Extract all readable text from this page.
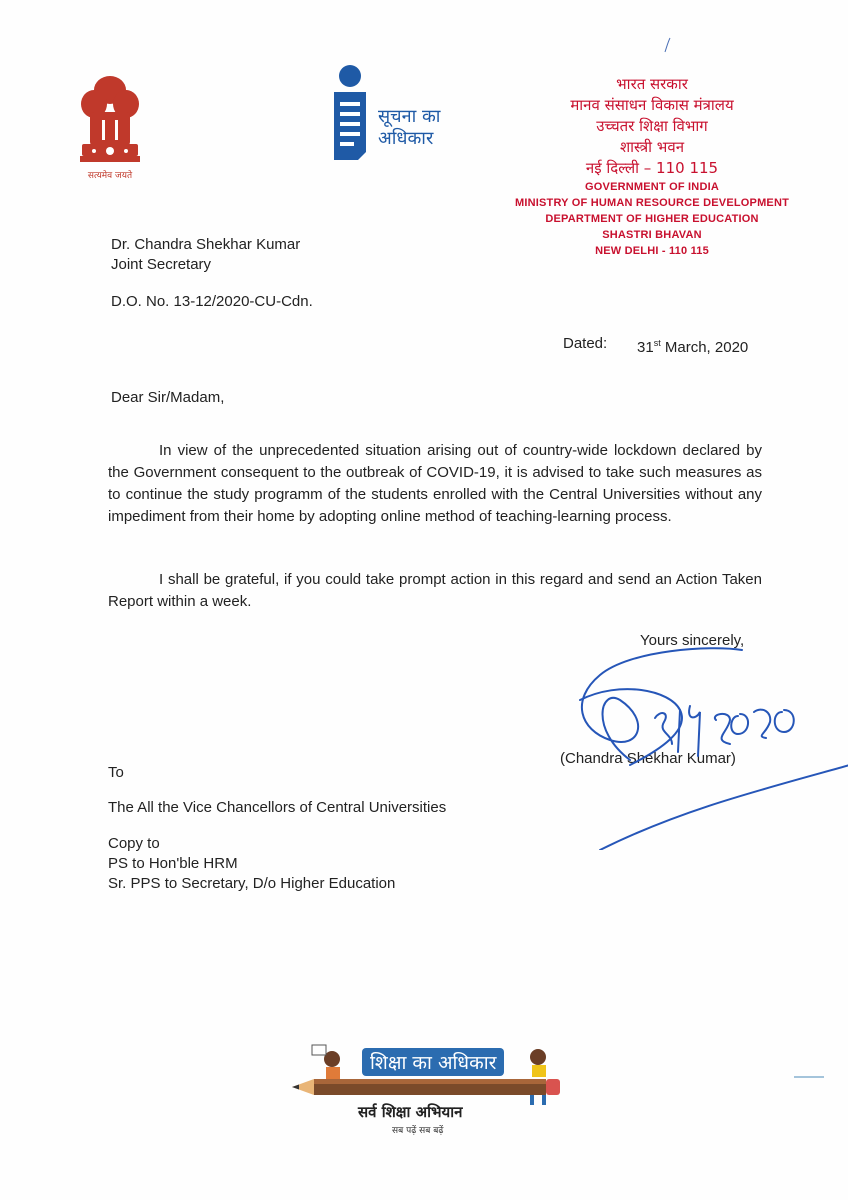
सत्यमेव जयते
सूचना का
अधिकार
भारत सरकार
मानव संसाधन विकास मंत्रालय
उच्चतर शिक्षा विभाग
शास्त्री भवन
नई दिल्ली – 110 115
GOVERNMENT OF INDIA
MINISTRY OF HUMAN RESOURCE DEVELOPMENT
DEPARTMENT OF HIGHER EDUCATION
SHASTRI BHAVAN
NEW DELHI - 110 115
Dr. Chandra Shekhar Kumar
Joint Secretary
D.O. No. 13-12/2020-CU-Cdn.
Dated: 31st March, 2020
Dear Sir/Madam,
In view of the unprecedented situation arising out of country-wide lockdown declared by the Government consequent to the outbreak of COVID-19, it is advised to take such measures as to continue the study programm of the students enrolled with the Central Universities without any impediment from their home by adopting online method of teaching-learning process.
I shall be grateful, if you could take prompt action in this regard and send an Action Taken Report within a week.
Yours sincerely,
(Chandra Shekhar Kumar)
To
The All the Vice Chancellors of Central Universities
Copy to
PS to Hon'ble HRM
Sr. PPS to Secretary, D/o Higher Education
शिक्षा का अधिकार
सर्व शिक्षा अभियान
सब पढ़ें सब बढ़ें
